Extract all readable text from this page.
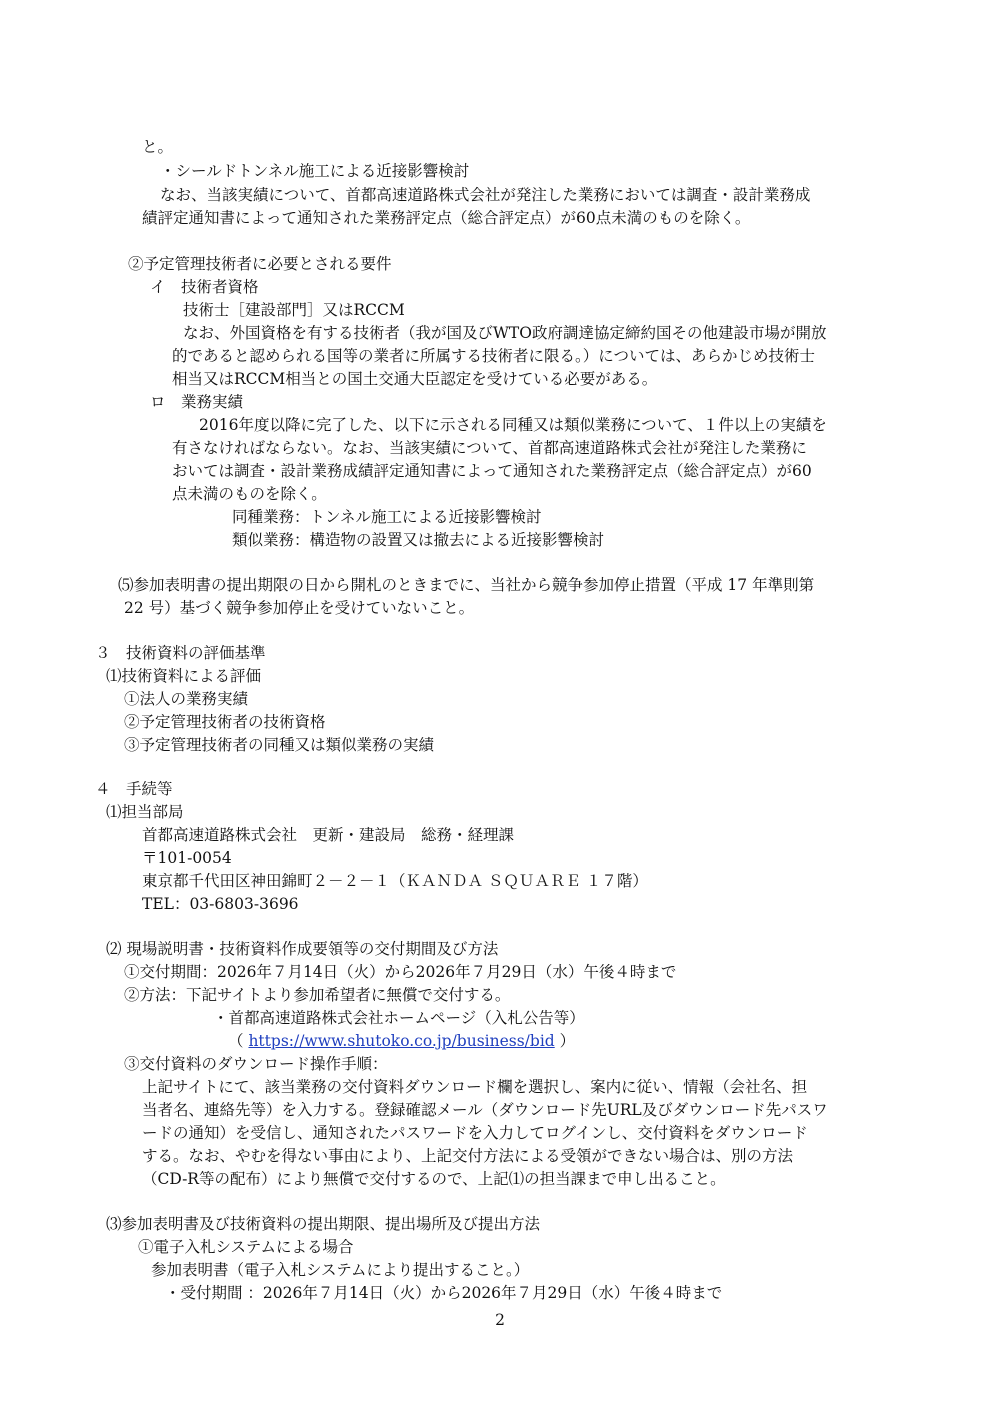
と。
・シールドトンネル施工による近接影響検討
なお、当該実績について、首都高速道路株式会社が発注した業務においては調査・設計業務成
績評定通知書によって通知された業務評定点（総合評定点）が60点未満のものを除く。
②予定管理技術者に必要とされる要件
イ　技術者資格
技術士［建設部門］又はRCCM
なお、外国資格を有する技術者（我が国及びWTO政府調達協定締約国その他建設市場が開放
的であると認められる国等の業者に所属する技術者に限る。）については、あらかじめ技術士
相当又はRCCM相当との国土交通大臣認定を受けている必要がある。
ロ　業務実績
2016年度以降に完了した、以下に示される同種又は類似業務について、１件以上の実績を
有さなければならない。なお、当該実績について、首都高速道路株式会社が発注した業務に
おいては調査・設計業務成績評定通知書によって通知された業務評定点（総合評定点）が60
点未満のものを除く。
同種業務：トンネル施工による近接影響検討
類似業務：構造物の設置又は撤去による近接影響検討
⑸参加表明書の提出期限の日から開札のときまでに、当社から競争参加停止措置（平成 17 年準則第
22 号）基づく競争参加停止を受けていないこと。
３　技術資料の評価基準
⑴技術資料による評価
①法人の業務実績
②予定管理技術者の技術資格
③予定管理技術者の同種又は類似業務の実績
４　手続等
⑴担当部局
首都高速道路株式会社　更新・建設局　総務・経理課
〒101-0054
東京都千代田区神田錦町２－２－１（ＫＡＮＤＡ ＳＱＵＡＲＥ １７階）
TEL：03-6803-3696
⑵ 現場説明書・技術資料作成要領等の交付期間及び方法
①交付期間：2026年７月14日（火）から2026年７月29日（水）午後４時まで
②方法：下記サイトより参加希望者に無償で交付する。
・首都高速道路株式会社ホームページ（入札公告等）
（ https://www.shutoko.co.jp/business/bid ）
③交付資料のダウンロード操作手順：
上記サイトにて、該当業務の交付資料ダウンロード欄を選択し、案内に従い、情報（会社名、担
当者名、連絡先等）を入力する。登録確認メール（ダウンロード先URL及びダウンロード先パスワ
ードの通知）を受信し、通知されたパスワードを入力してログインし、交付資料をダウンロード
する。なお、やむを得ない事由により、上記交付方法による受領ができない場合は、別の方法
（CD-R等の配布）により無償で交付するので、上記⑴の担当課まで申し出ること。
⑶参加表明書及び技術資料の提出期限、提出場所及び提出方法
①電子入札システムによる場合
参加表明書（電子入札システムにより提出すること。）
・受付期間 ：2026年７月14日（火）から2026年７月29日（水）午後４時まで
2
